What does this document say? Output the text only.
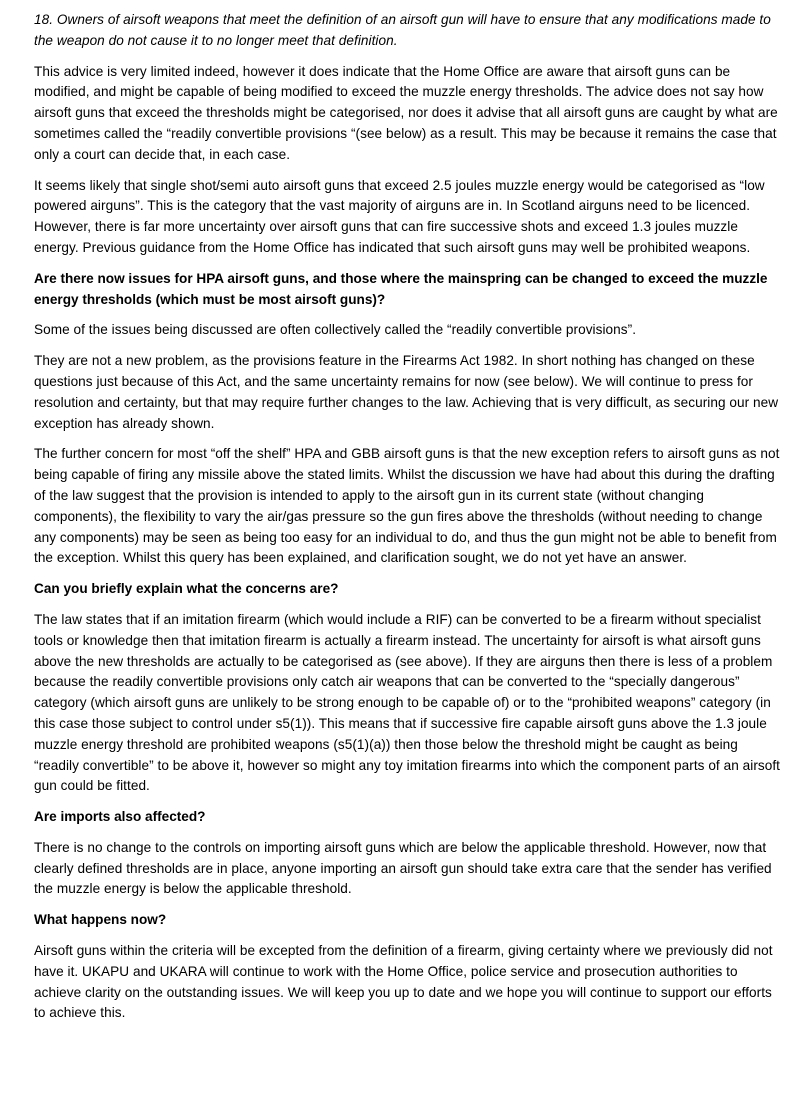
18. Owners of airsoft weapons that meet the definition of an airsoft gun will have to ensure that any modifications made to the weapon do not cause it to no longer meet that definition.

This advice is very limited indeed, however it does indicate that the Home Office are aware that airsoft guns can be modified, and might be capable of being modified to exceed the muzzle energy thresholds. The advice does not say how airsoft guns that exceed the thresholds might be categorised, nor does it advise that all airsoft guns are caught by what are sometimes called the “readily convertible provisions “(see below) as a result. This may be because it remains the case that only a court can decide that, in each case.

It seems likely that single shot/semi auto airsoft guns that exceed 2.5 joules muzzle energy would be categorised as “low powered airguns”. This is the category that the vast majority of airguns are in. In Scotland airguns need to be licenced. However, there is far more uncertainty over airsoft guns that can fire successive shots and exceed 1.3 joules muzzle energy. Previous guidance from the Home Office has indicated that such airsoft guns may well be prohibited weapons.

Are there now issues for HPA airsoft guns, and those where the mainspring can be changed to exceed the muzzle energy thresholds (which must be most airsoft guns)?

Some of the issues being discussed are often collectively called the “readily convertible provisions”.

They are not a new problem, as the provisions feature in the Firearms Act 1982. In short nothing has changed on these questions just because of this Act, and the same uncertainty remains for now (see below). We will continue to press for resolution and certainty, but that may require further changes to the law. Achieving that is very difficult, as securing our new exception has already shown.

The further concern for most “off the shelf” HPA and GBB airsoft guns is that the new exception refers to airsoft guns as not being capable of firing any missile above the stated limits. Whilst the discussion we have had about this during the drafting of the law suggest that the provision is intended to apply to the airsoft gun in its current state (without changing components), the flexibility to vary the air/gas pressure so the gun fires above the thresholds (without needing to change any components) may be seen as being too easy for an individual to do, and thus the gun might not be able to benefit from the exception. Whilst this query has been explained, and clarification sought, we do not yet have an answer.

Can you briefly explain what the concerns are?

The law states that if an imitation firearm (which would include a RIF) can be converted to be a firearm without specialist tools or knowledge then that imitation firearm is actually a firearm instead. The uncertainty for airsoft is what airsoft guns above the new thresholds are actually to be categorised as (see above). If they are airguns then there is less of a problem because the readily convertible provisions only catch air weapons that can be converted to the “specially dangerous” category (which airsoft guns are unlikely to be strong enough to be capable of) or to the “prohibited weapons” category (in this case those subject to control under s5(1)). This means that if successive fire capable airsoft guns above the 1.3 joule muzzle energy threshold are prohibited weapons (s5(1)(a)) then those below the threshold might be caught as being “readily convertible” to be above it, however so might any toy imitation firearms into which the component parts of an airsoft gun could be fitted.

Are imports also affected?

There is no change to the controls on importing airsoft guns which are below the applicable threshold. However, now that clearly defined thresholds are in place, anyone importing an airsoft gun should take extra care that the sender has verified the muzzle energy is below the applicable threshold.

What happens now?

Airsoft guns within the criteria will be excepted from the definition of a firearm, giving certainty where we previously did not have it. UKAPU and UKARA will continue to work with the Home Office, police service and prosecution authorities to achieve clarity on the outstanding issues. We will keep you up to date and we hope you will continue to support our efforts to achieve this.
